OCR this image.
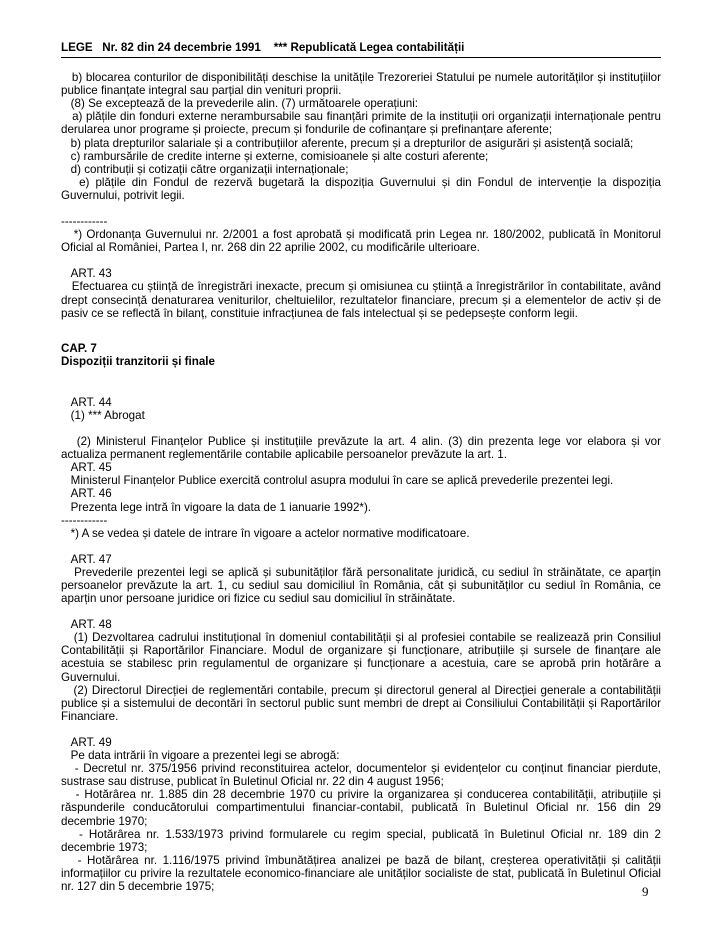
LEGE Nr. 82 din 24 decembrie 1991 *** Republicată Legea contabilității

b) blocarea conturilor de disponibilități deschise la unitățile Trezoreriei Statului pe numele autorităților și instituțiilor publice finanțate integral sau parțial din venituri proprii.

(8) Se exceptează de la prevederile alin. (7) următoarele operațiuni:

a) plățile din fonduri externe nerambursabile sau finanțări primite de la instituții ori organizații internaționale pentru derularea unor programe și proiecte, precum și fondurile de cofinanțare și prefinanțare aferente;

b) plata drepturilor salariale și a contribuțiilor aferente, precum și a drepturilor de asigurări și asistență socială;

c) rambursările de credite interne și externe, comisioanele și alte costuri aferente;

d) contribuții și cotizații către organizații internaționale;

e) plățile din Fondul de rezervă bugetară la dispoziția Guvernului și din Fondul de intervenție la dispoziția Guvernului, potrivit legii.

------------

*) Ordonanța Guvernului nr. 2/2001 a fost aprobată și modificată prin Legea nr. 180/2002, publicată în Monitorul Oficial al României, Partea I, nr. 268 din 22 aprilie 2002, cu modificările ulterioare.

ART. 43

Efectuarea cu știință de înregistrări inexacte, precum și omisiunea cu știință a înregistrărilor în contabilitate, având drept consecință denaturarea veniturilor, cheltuielilor, rezultatelor financiare, precum și a elementelor de activ și de pasiv ce se reflectă în bilanț, constituie infracțiunea de fals intelectual și se pedepsește conform legii.

CAP. 7

Dispoziții tranzitorii și finale

ART. 44

(1) *** Abrogat

(2) Ministerul Finanțelor Publice și instituțiile prevăzute la art. 4 alin. (3) din prezenta lege vor elabora și vor actualiza permanent reglementările contabile aplicabile persoanelor prevăzute la art. 1.

ART. 45

Ministerul Finanțelor Publice exercită controlul asupra modului în care se aplică prevederile prezentei legi.

ART. 46

Prezenta lege intră în vigoare la data de 1 ianuarie 1992*).

------------

*) A se vedea și datele de intrare în vigoare a actelor normative modificatoare.

ART. 47

Prevederile prezentei legi se aplică și subunităților fără personalitate juridică, cu sediul în străinătate, ce aparțin persoanelor prevăzute la art. 1, cu sediul sau domiciliul în România, cât și subunităților cu sediul în România, ce aparțin unor persoane juridice ori fizice cu sediul sau domiciliul în străinătate.

ART. 48

(1) Dezvoltarea cadrului instituțional în domeniul contabilității și al profesiei contabile se realizează prin Consiliul Contabilității și Raportărilor Financiare. Modul de organizare și funcționare, atribuțiile și sursele de finanțare ale acestuia se stabilesc prin regulamentul de organizare și funcționare a acestuia, care se aprobă prin hotărâre a Guvernului.

(2) Directorul Direcției de reglementări contabile, precum și directorul general al Direcției generale a contabilității publice și a sistemului de decontări în sectorul public sunt membri de drept ai Consiliului Contabilității și Raportărilor Financiare.

ART. 49

Pe data intrării în vigoare a prezentei legi se abrogă:

- Decretul nr. 375/1956 privind reconstituirea actelor, documentelor și evidențelor cu conținut financiar pierdute, sustrase sau distruse, publicat în Buletinul Oficial nr. 22 din 4 august 1956;

- Hotărârea nr. 1.885 din 28 decembrie 1970 cu privire la organizarea și conducerea contabilității, atribuțiile și răspunderile conducătorului compartimentului financiar-contabil, publicată în Buletinul Oficial nr. 156 din 29 decembrie 1970;

- Hotărârea nr. 1.533/1973 privind formularele cu regim special, publicată în Buletinul Oficial nr. 189 din 2 decembrie 1973;

- Hotărârea nr. 1.116/1975 privind îmbunătățirea analizei pe bază de bilanț, creșterea operativității și calității informațiilor cu privire la rezultatele economico-financiare ale unităților socialiste de stat, publicată în Buletinul Oficial nr. 127 din 5 decembrie 1975;	9
